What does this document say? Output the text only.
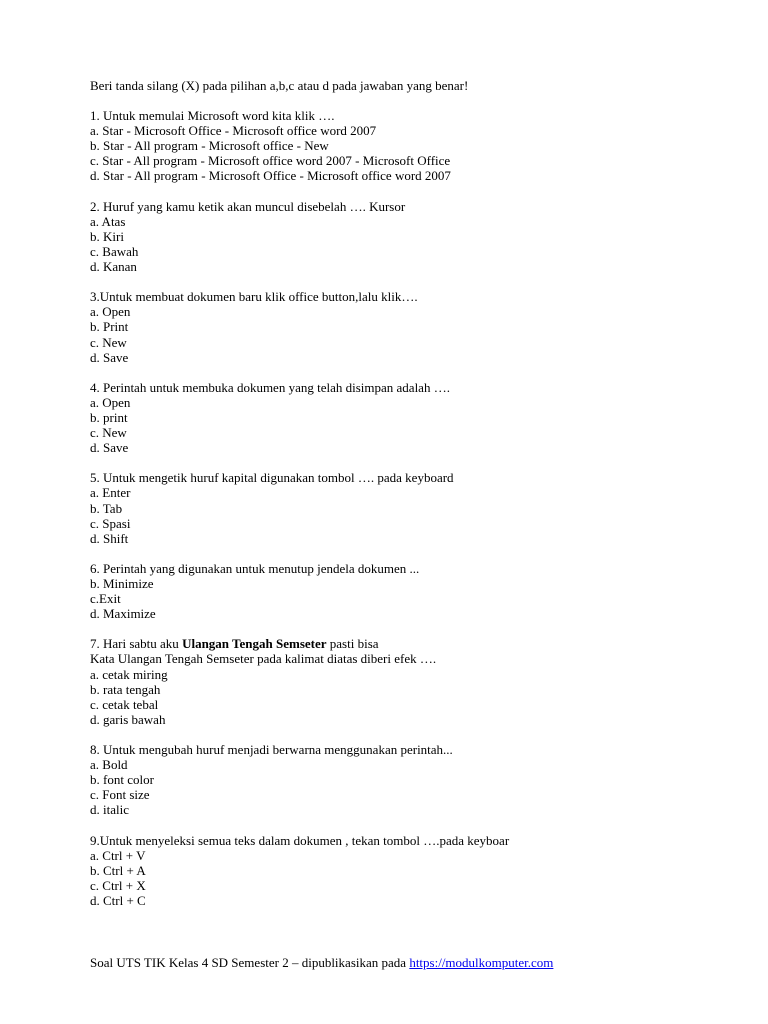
Beri tanda silang (X) pada pilihan a,b,c atau d pada jawaban yang benar!
1. Untuk memulai Microsoft word kita klik ….
a. Star - Microsoft Office - Microsoft office word 2007
b. Star - All program - Microsoft office - New
c. Star - All program - Microsoft office word 2007 - Microsoft Office
d. Star - All program - Microsoft Office - Microsoft office word 2007
2. Huruf yang kamu ketik akan muncul disebelah …. Kursor
a. Atas
b. Kiri
c. Bawah
d. Kanan
3.Untuk membuat dokumen baru klik office button,lalu klik….
a. Open
b. Print
c. New
d. Save
4. Perintah untuk membuka dokumen yang telah disimpan adalah ….
a. Open
b. print
c. New
d. Save
5. Untuk mengetik huruf kapital digunakan tombol …. pada keyboard
a. Enter
b. Tab
c. Spasi
d. Shift
6. Perintah yang digunakan untuk menutup jendela dokumen ...
b. Minimize
c.Exit
d. Maximize
7. Hari sabtu aku Ulangan Tengah Semseter pasti bisa
Kata Ulangan Tengah Semseter pada kalimat diatas diberi efek ….
a. cetak miring
b. rata tengah
c. cetak tebal
d. garis bawah
8. Untuk mengubah huruf menjadi berwarna menggunakan perintah...
a. Bold
b. font color
c. Font size
d. italic
9.Untuk menyeleksi semua teks dalam dokumen , tekan tombol ….pada keyboar
a. Ctrl + V
b. Ctrl + A
c. Ctrl + X
d. Ctrl + C
Soal UTS TIK Kelas 4 SD Semester 2 – dipublikasikan pada https://modulkomputer.com
